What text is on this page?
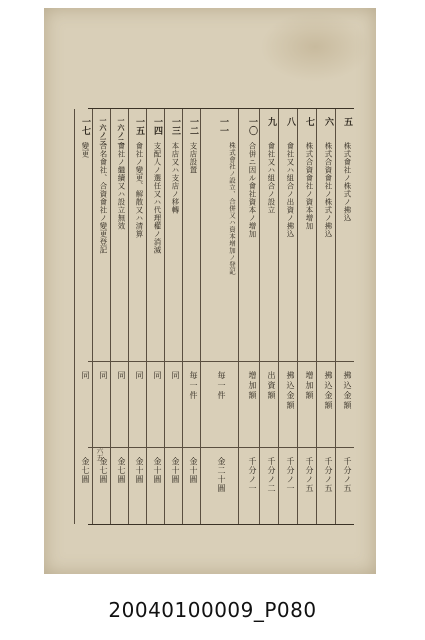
五
株式會社ノ株式ノ拂込
拂込金額
千分ノ五
六
株式合資會社ノ株式ノ拂込
拂込金額
千分ノ五
七
株式合資會社ノ資本增加
增加額
千分ノ五
八
會社又ハ組合ノ出資ノ拂込
拂込金額
千分ノ一
九
會社又ハ組合ノ設立
出資額
千分ノ二
一〇
合併ニ因ル會社資本ノ增加
增加額
千分ノ一
一一
株式會社ノ設立、合併又ハ資本增加ノ登記
毎一件
金二十圓
一二
支店設置
毎一件
金十圓
一三
本店又ハ支店ノ移轉
同
金十圓
一四
支配人ノ選任又ハ代理權ノ消滅
同
金十圓
一五
會社ノ變更、解散又ハ清算
同
金十圓
一六ノ二
會社ノ繼續又ハ設立無效
同
金七圓
一六ノ三
合名會社、合資會社ノ變更登記
同
金七圓
一七
變更
同
金七圓
六五
20040100009_P080
